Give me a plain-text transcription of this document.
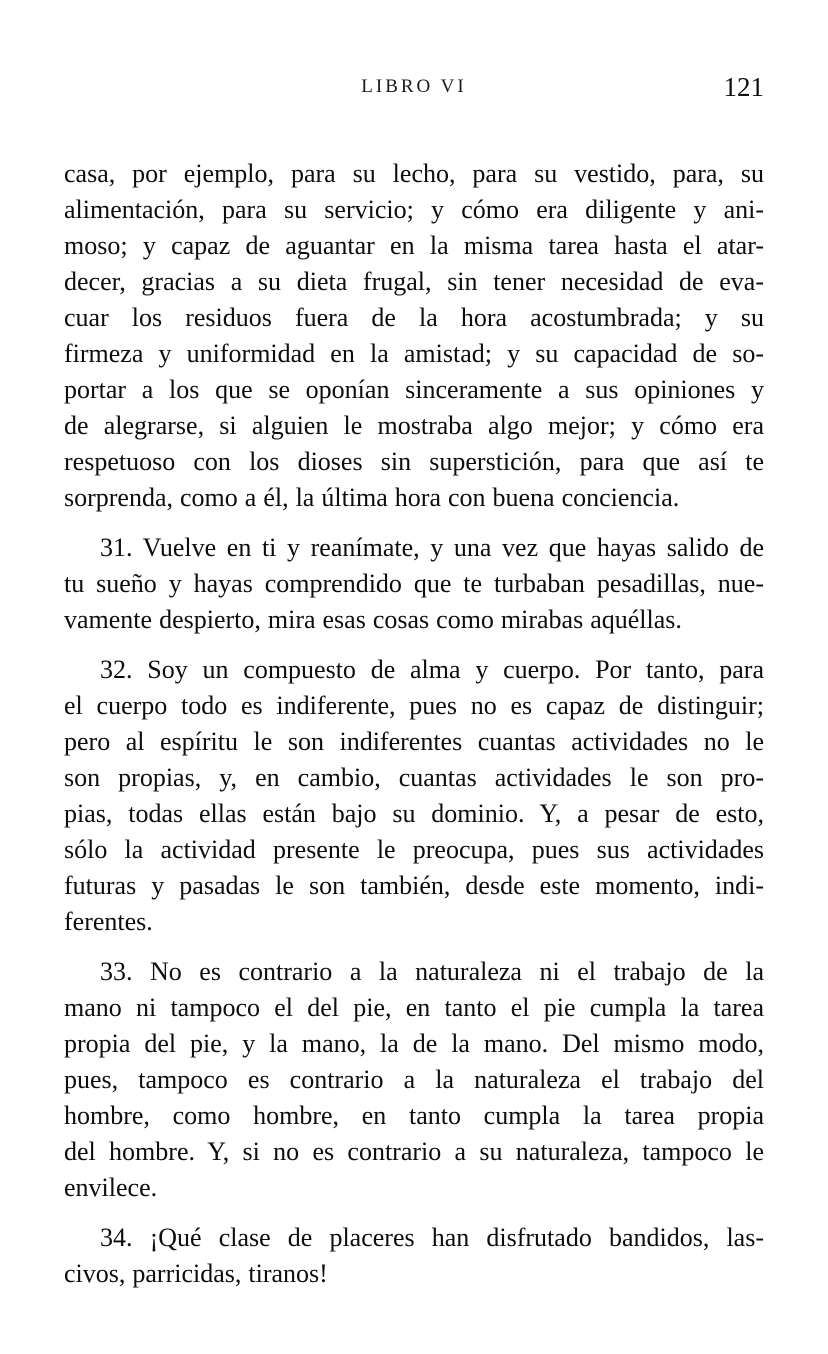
LIBRO VI	121
casa, por ejemplo, para su lecho, para su vestido, para, su
alimentación, para su servicio; y cómo era diligente y ani-
moso; y capaz de aguantar en la misma tarea hasta el atar-
decer, gracias a su dieta frugal, sin tener necesidad de eva-
cuar los residuos fuera de la hora acostumbrada; y su
firmeza y uniformidad en la amistad; y su capacidad de so-
portar a los que se oponían sinceramente a sus opiniones y
de alegrarse, si alguien le mostraba algo mejor; y cómo era
respetuoso con los dioses sin superstición, para que así te
sorprenda, como a él, la última hora con buena conciencia.
31. Vuelve en ti y reanímate, y una vez que hayas salido de
tu sueño y hayas comprendido que te turbaban pesadillas, nue-
vamente despierto, mira esas cosas como mirabas aquéllas.
32. Soy un compuesto de alma y cuerpo. Por tanto, para
el cuerpo todo es indiferente, pues no es capaz de distinguir;
pero al espíritu le son indiferentes cuantas actividades no le
son propias, y, en cambio, cuantas actividades le son pro-
pias, todas ellas están bajo su dominio. Y, a pesar de esto,
sólo la actividad presente le preocupa, pues sus actividades
futuras y pasadas le son también, desde este momento, indi-
ferentes.
33. No es contrario a la naturaleza ni el trabajo de la
mano ni tampoco el del pie, en tanto el pie cumpla la tarea
propia del pie, y la mano, la de la mano. Del mismo modo,
pues, tampoco es contrario a la naturaleza el trabajo del
hombre, como hombre, en tanto cumpla la tarea propia
del hombre. Y, si no es contrario a su naturaleza, tampoco le
envilece.
34. ¡Qué clase de placeres han disfrutado bandidos, las-
civos, parricidas, tiranos!
